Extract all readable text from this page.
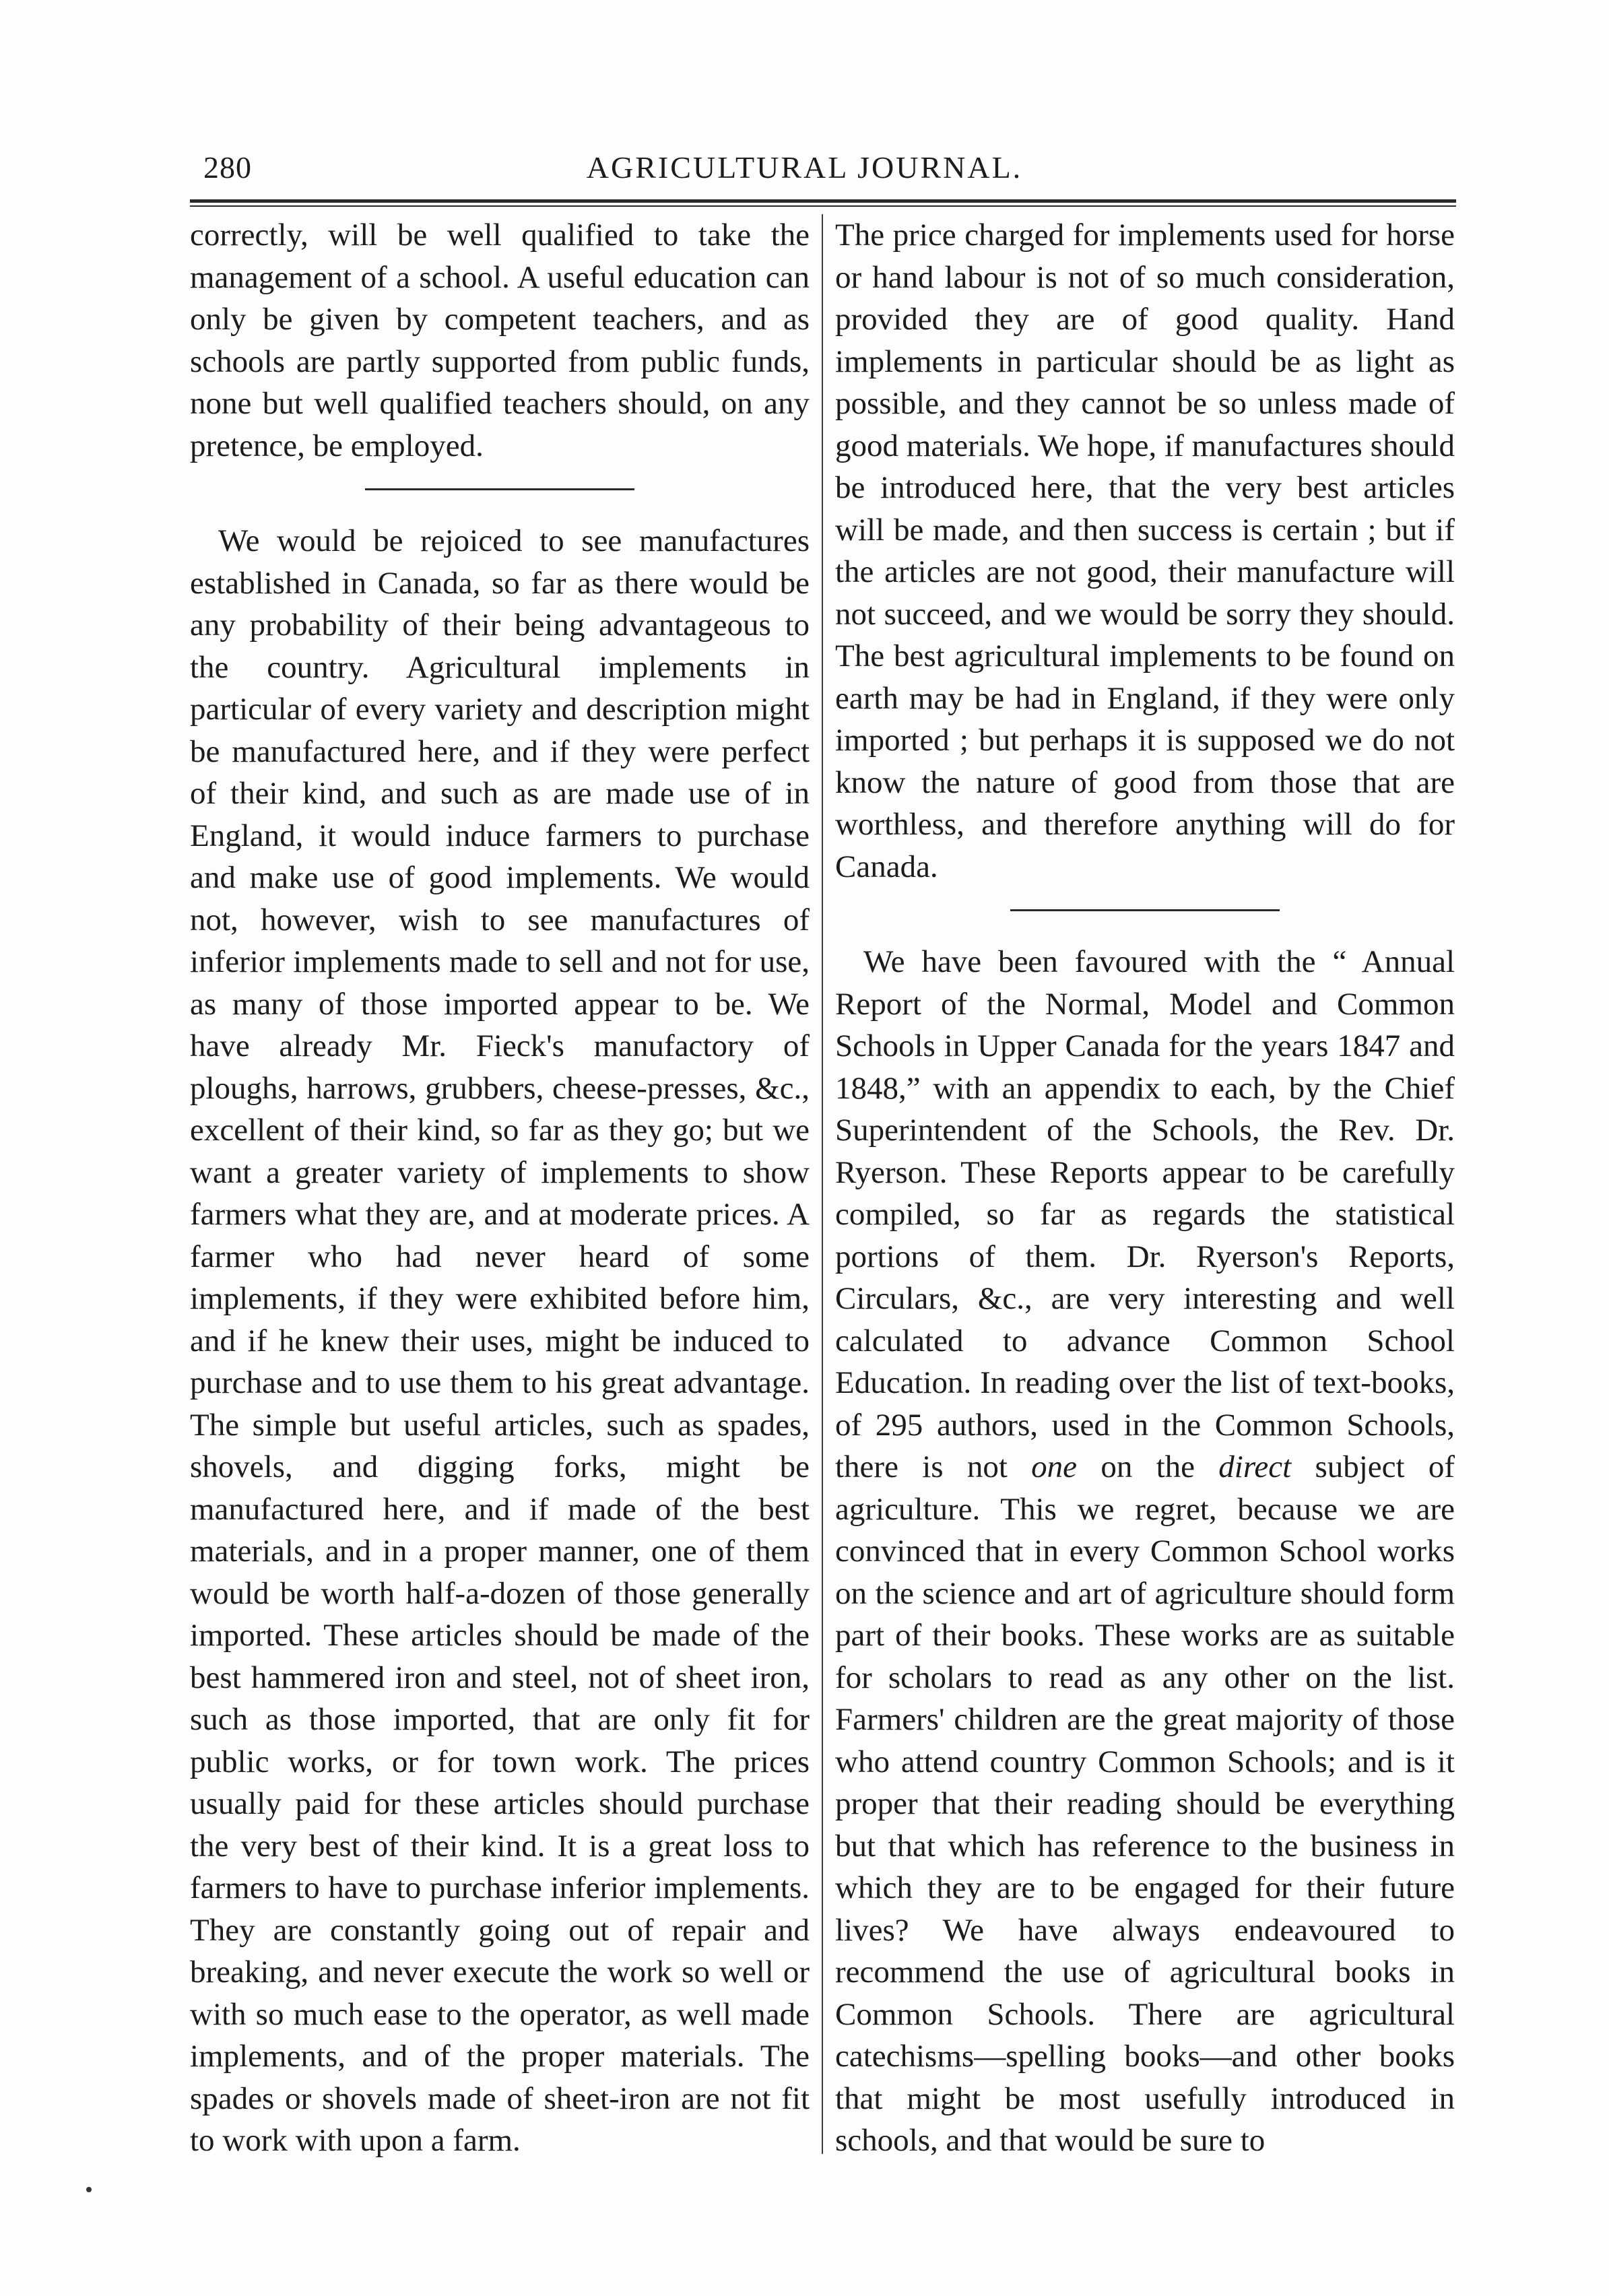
280	AGRICULTURAL JOURNAL.

correctly, will be well qualified to take the management of a school. A useful education can only be given by competent teachers, and as schools are partly supported from public funds, none but well qualified teachers should, on any pretence, be employed.

We would be rejoiced to see manufactures established in Canada, so far as there would be any probability of their being advantageous to the country. Agricultural implements in particular of every variety and description might be manufactured here, and if they were perfect of their kind, and such as are made use of in England, it would induce farmers to purchase and make use of good implements. We would not, however, wish to see manufactures of inferior implements made to sell and not for use, as many of those imported appear to be. We have already Mr. Fieck's manufactory of ploughs, harrows, grubbers, cheese-presses, &c., excellent of their kind, so far as they go; but we want a greater variety of implements to show farmers what they are, and at moderate prices. A farmer who had never heard of some implements, if they were exhibited before him, and if he knew their uses, might be induced to purchase and to use them to his great advantage. The simple but useful articles, such as spades, shovels, and digging forks, might be manufactured here, and if made of the best materials, and in a proper manner, one of them would be worth half-a-dozen of those generally imported. These articles should be made of the best hammered iron and steel, not of sheet iron, such as those imported, that are only fit for public works, or for town work. The prices usually paid for these articles should purchase the very best of their kind. It is a great loss to farmers to have to purchase inferior implements. They are constantly going out of repair and breaking, and never execute the work so well or with so much ease to the operator, as well made implements, and of the proper materials. The spades or shovels made of sheet-iron are not fit to work with upon a farm.

The price charged for implements used for horse or hand labour is not of so much consideration, provided they are of good quality. Hand implements in particular should be as light as possible, and they cannot be so unless made of good materials. We hope, if manufactures should be introduced here, that the very best articles will be made, and then success is certain ; but if the articles are not good, their manufacture will not succeed, and we would be sorry they should. The best agricultural implements to be found on earth may be had in England, if they were only imported ; but perhaps it is supposed we do not know the nature of good from those that are worthless, and therefore anything will do for Canada.

We have been favoured with the “ Annual Report of the Normal, Model and Common Schools in Upper Canada for the years 1847 and 1848,” with an appendix to each, by the Chief Superintendent of the Schools, the Rev. Dr. Ryerson. These Reports appear to be carefully compiled, so far as regards the statistical portions of them. Dr. Ryerson's Reports, Circulars, &c., are very interesting and well calculated to advance Common School Education. In reading over the list of text-books, of 295 authors, used in the Common Schools, there is not one on the direct subject of agriculture. This we regret, because we are convinced that in every Common School works on the science and art of agriculture should form part of their books. These works are as suitable for scholars to read as any other on the list. Farmers' children are the great majority of those who attend country Common Schools; and is it proper that their reading should be everything but that which has reference to the business in which they are to be engaged for their future lives? We have always endeavoured to recommend the use of agricultural books in Common Schools. There are agricultural catechisms—spelling books—and other books that might be most usefully introduced in schools, and that would be sure to
